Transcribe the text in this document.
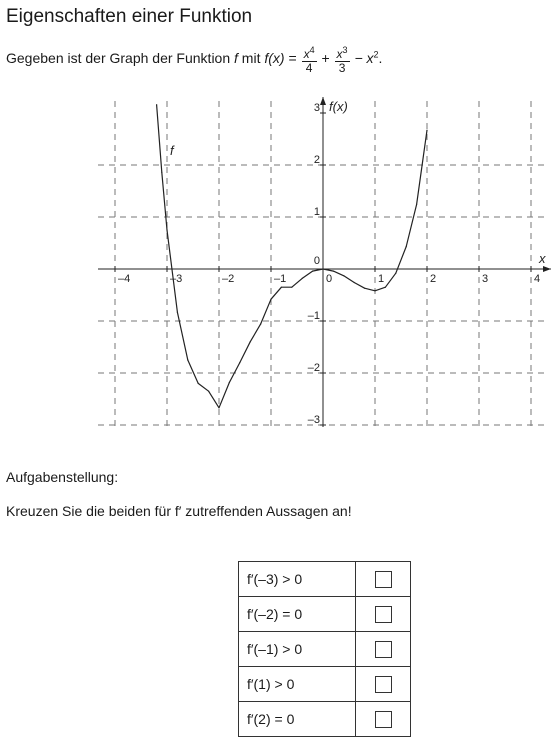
Eigenschaften einer Funktion
Gegeben ist der Graph der Funktion f mit $f(x) = \frac{x^4}{4} + \frac{x^3}{3} - x^2$.
–4	–3	–2	–1	0	1	2	3	4
3
2
1
–1
–2
–3
0	x
f(x)
f
Aufgabenstellung:
Kreuzen Sie die beiden für f′ zutreffenden Aussagen an!
f′(–3) > 0	
f′(–2) = 0	
f′(–1) > 0	
f′(1) > 0	
f′(2) = 0	
